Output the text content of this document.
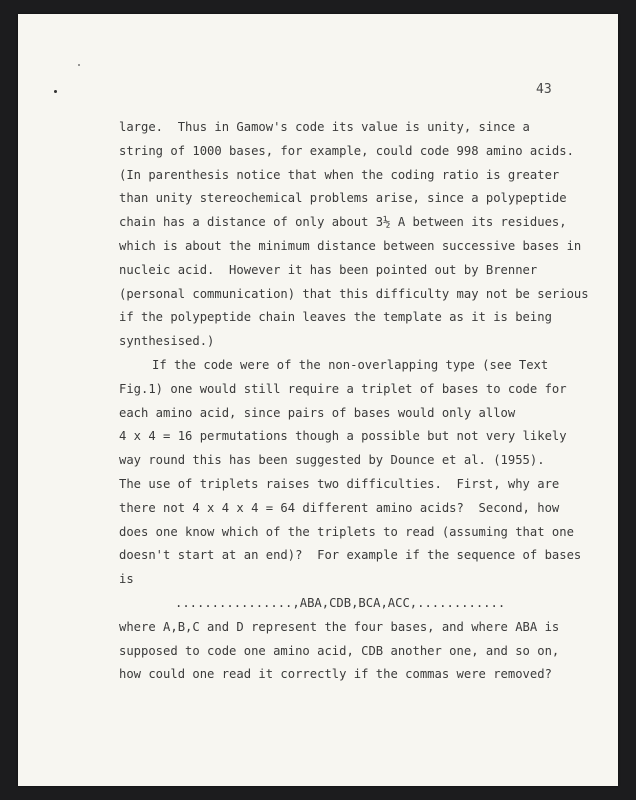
43

large.  Thus in Gamow's code its value is unity, since a

string of 1000 bases, for example, could code 998 amino acids.

(In parenthesis notice that when the coding ratio is greater

than unity stereochemical problems arise, since a polypeptide

chain has a distance of only about 3½ A between its residues,

which is about the minimum distance between successive bases in

nucleic acid.  However it has been pointed out by Brenner

(personal communication) that this difficulty may not be serious

if the polypeptide chain leaves the template as it is being

synthesised.)

If the code were of the non-overlapping type (see Text

Fig.1) one would still require a triplet of bases to code for

each amino acid, since pairs of bases would only allow

4 x 4 = 16 permutations though a possible but not very likely

way round this has been suggested by Dounce et al. (1955).

The use of triplets raises two difficulties.  First, why are

there not 4 x 4 x 4 = 64 different amino acids?  Second, how

does one know which of the triplets to read (assuming that one

doesn't start at an end)?  For example if the sequence of bases

is

................,ABA,CDB,BCA,ACC,............

where A,B,C and D represent the four bases, and where ABA is

supposed to code one amino acid, CDB another one, and so on,

how could one read it correctly if the commas were removed?
